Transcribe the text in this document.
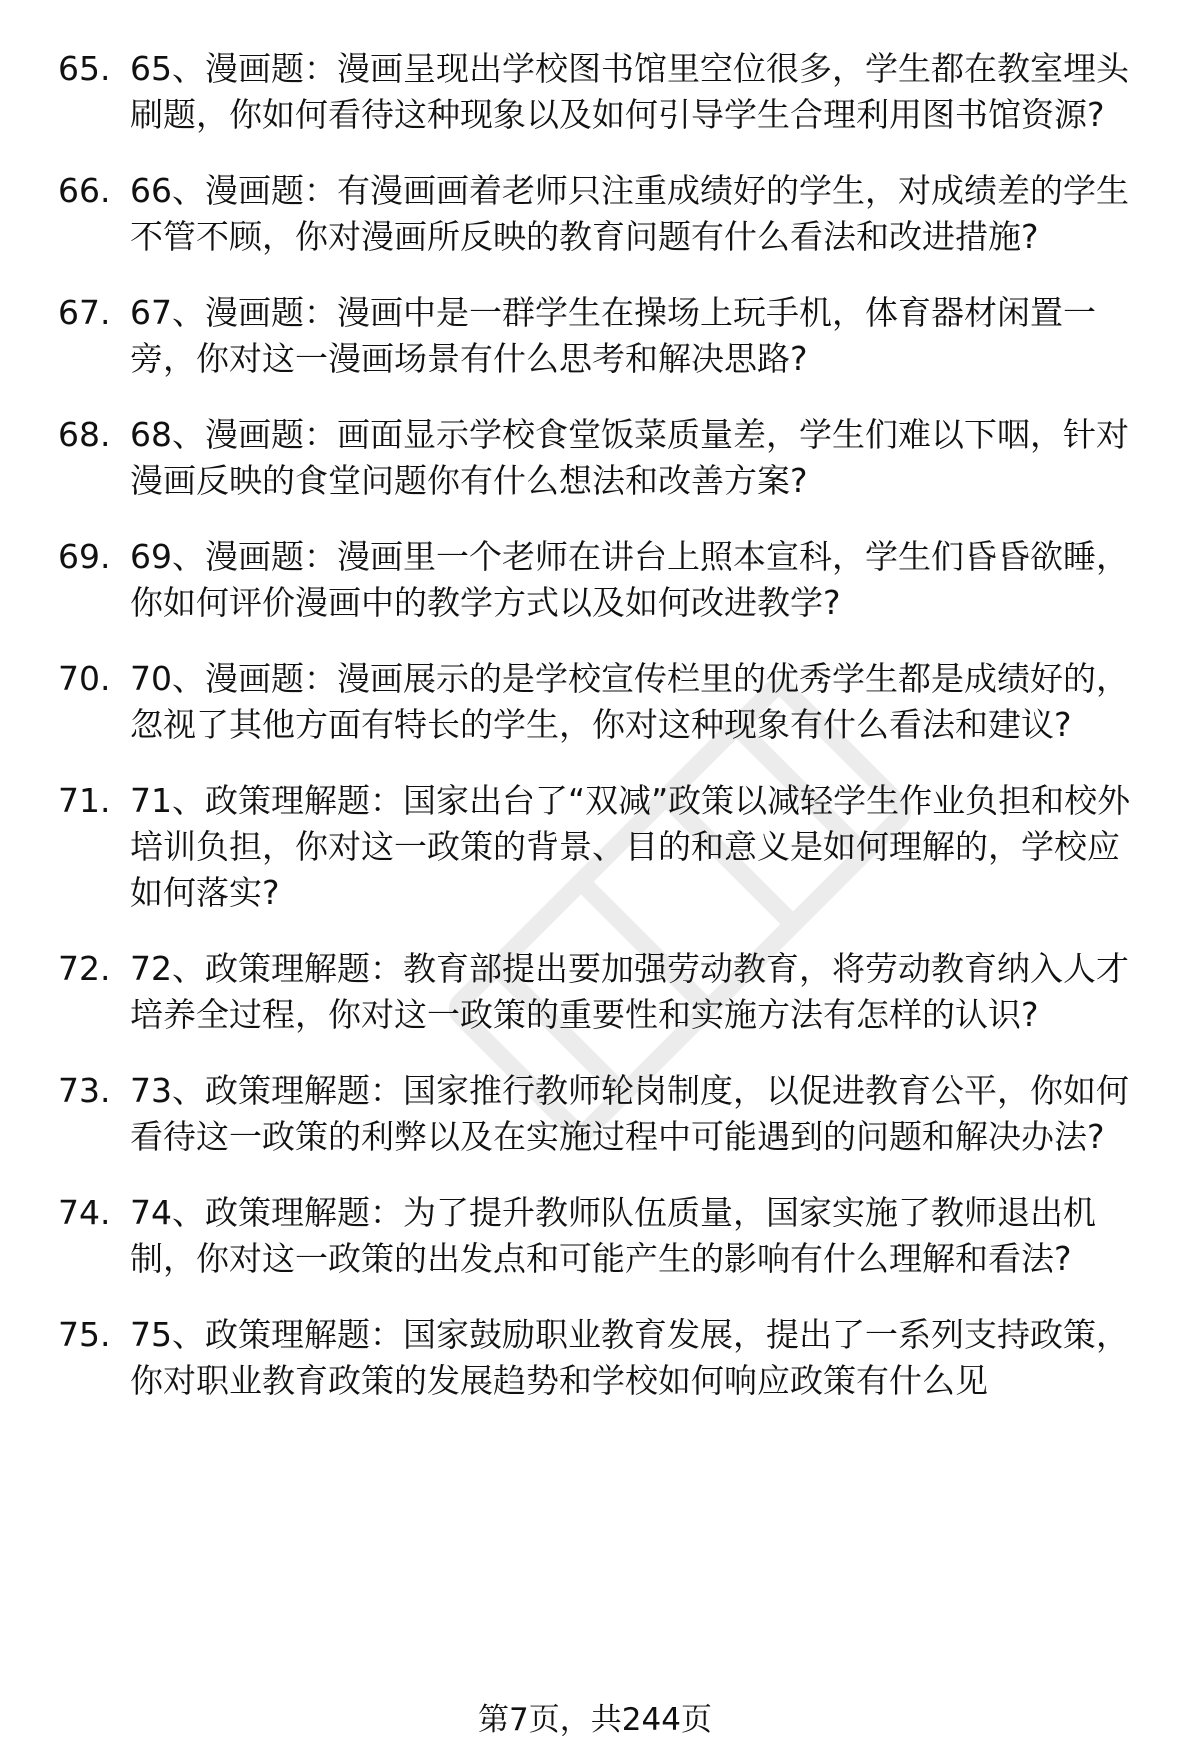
65. 65、漫画题：漫画呈现出学校图书馆里空位很多，学生都在教室埋头刷题，你如何看待这种现象以及如何引导学生合理利用图书馆资源?
66. 66、漫画题：有漫画画着老师只注重成绩好的学生，对成绩差的学生不管不顾，你对漫画所反映的教育问题有什么看法和改进措施?
67. 67、漫画题：漫画中是一群学生在操场上玩手机，体育器材闲置一旁，你对这一漫画场景有什么思考和解决思路?
68. 68、漫画题：画面显示学校食堂饭菜质量差，学生们难以下咽，针对漫画反映的食堂问题你有什么想法和改善方案?
69. 69、漫画题：漫画里一个老师在讲台上照本宣科，学生们昏昏欲睡，你如何评价漫画中的教学方式以及如何改进教学?
70. 70、漫画题：漫画展示的是学校宣传栏里的优秀学生都是成绩好的，忽视了其他方面有特长的学生，你对这种现象有什么看法和建议?
71. 71、政策理解题：国家出台了“双减”政策以减轻学生作业负担和校外培训负担，你对这一政策的背景、目的和意义是如何理解的，学校应如何落实?
72. 72、政策理解题：教育部提出要加强劳动教育，将劳动教育纳入人才培养全过程，你对这一政策的重要性和实施方法有怎样的认识?
73. 73、政策理解题：国家推行教师轮岗制度，以促进教育公平，你如何看待这一政策的利弊以及在实施过程中可能遇到的问题和解决办法?
74. 74、政策理解题：为了提升教师队伍质量，国家实施了教师退出机制，你对这一政策的出发点和可能产生的影响有什么理解和看法?
75. 75、政策理解题：国家鼓励职业教育发展，提出了一系列支持政策，你对职业教育政策的发展趋势和学校如何响应政策有什么见
第7页，共244页
